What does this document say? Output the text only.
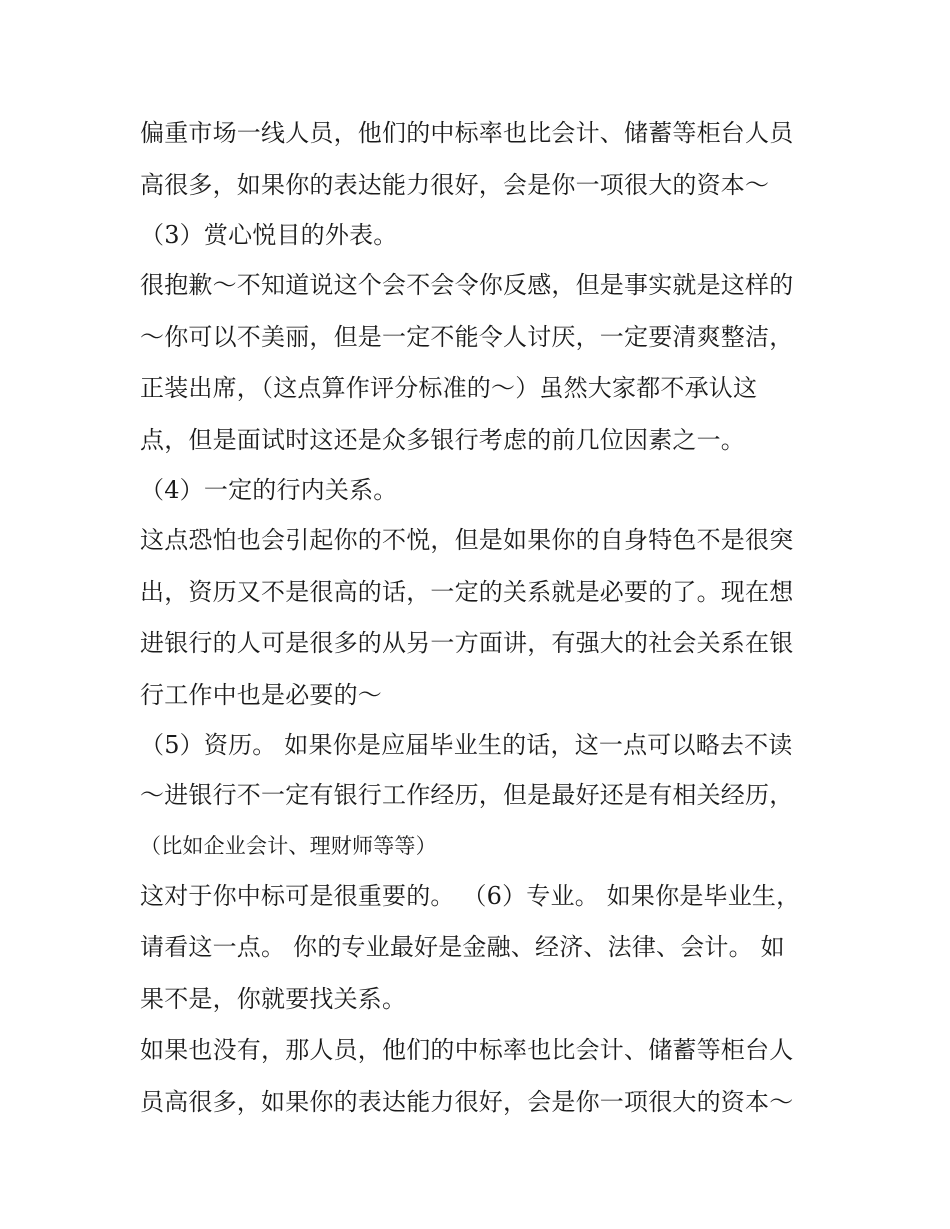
偏重市场一线人员，他们的中标率也比会计、储蓄等柜台人员
高很多，如果你的表达能力很好，会是你一项很大的资本～
（3）赏心悦目的外表。
很抱歉～不知道说这个会不会令你反感，但是事实就是这样的
～你可以不美丽，但是一定不能令人讨厌，一定要清爽整洁，
正装出席，（这点算作评分标准的～）虽然大家都不承认这
点，但是面试时这还是众多银行考虑的前几位因素之一。
（4）一定的行内关系。
这点恐怕也会引起你的不悦，但是如果你的自身特色不是很突
出，资历又不是很高的话，一定的关系就是必要的了。现在想
进银行的人可是很多的从另一方面讲，有强大的社会关系在银
行工作中也是必要的～
（5）资历。 如果你是应届毕业生的话，这一点可以略去不读
～进银行不一定有银行工作经历，但是最好还是有相关经历，
（比如企业会计、理财师等等）
这对于你中标可是很重要的。 （6）专业。 如果你是毕业生，
请看这一点。 你的专业最好是金融、经济、法律、会计。 如
果不是，你就要找关系。
如果也没有，那人员，他们的中标率也比会计、储蓄等柜台人
员高很多，如果你的表达能力很好，会是你一项很大的资本～
